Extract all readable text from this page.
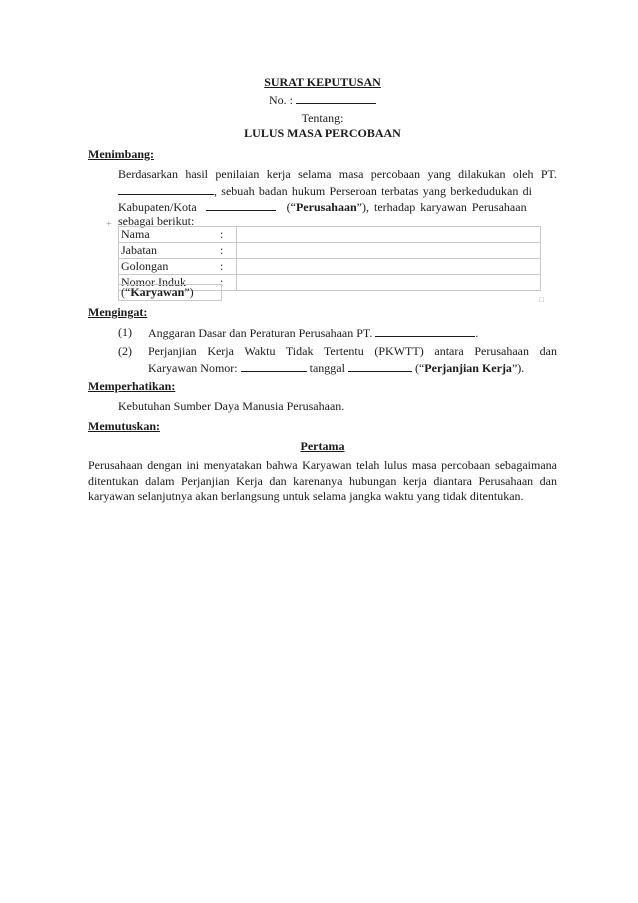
SURAT KEPUTUSAN
No. :
Tentang:
LULUS MASA PERCOBAAN
Menimbang:
Berdasarkan hasil penilaian kerja selama masa percobaan yang dilakukan oleh PT.
, sebuah badan hukum Perseroan terbatas yang berkedudukan di
Kabupaten/Kota	(“Perusahaan”), terhadap karyawan Perusahaan
sebagai berikut:
+
Nama	:	
Jabatan	:	
Golongan	:	
Nomor Induk	:	
(“Karyawan”)
□
Mengingat:
(1) Anggaran Dasar dan Peraturan Perusahaan PT.	.
(2) Perjanjian Kerja Waktu Tidak Tertentu (PKWTT) antara Perusahaan dan
Karyawan Nomor:	tanggal	(“Perjanjian Kerja”).
Memperhatikan:
Kebutuhan Sumber Daya Manusia Perusahaan.
Memutuskan:
Pertama
Perusahaan dengan ini menyatakan bahwa Karyawan telah lulus masa percobaan sebagaimana ditentukan dalam Perjanjian Kerja dan karenanya hubungan kerja diantara Perusahaan dan karyawan selanjutnya akan berlangsung untuk selama jangka waktu yang tidak ditentukan.
